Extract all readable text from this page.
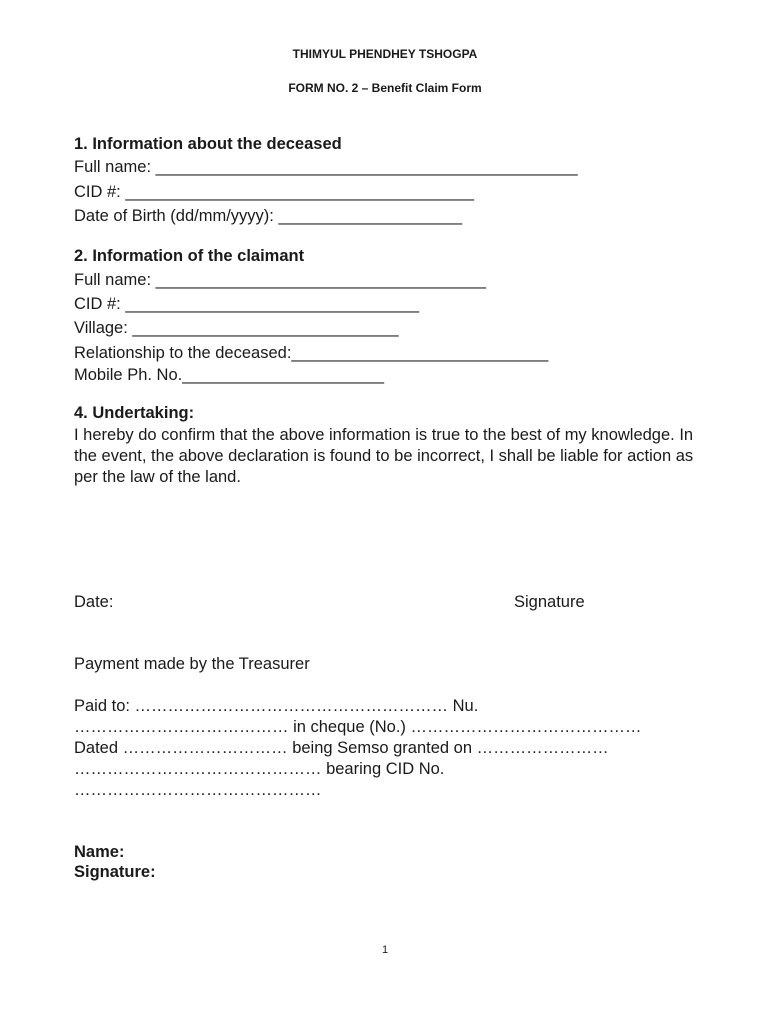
THIMYUL PHENDHEY TSHOGPA

FORM NO. 2 – Benefit Claim Form

1. Information about the deceased

Full name: ______________________________________________

CID #: ______________________________________

Date of Birth (dd/mm/yyyy): ____________________

2. Information of the claimant

Full name: ____________________________________

CID #: ________________________________

Village: _____________________________

Relationship to the deceased:____________________________

Mobile Ph. No.______________________

4. Undertaking:

I hereby do confirm that the above information is true to the best of my knowledge. In the event, the above declaration is found to be incorrect, I shall be liable for action as per the law of the land.

Date:	Signature

Payment made by the Treasurer

Paid to: ………………………………………………… Nu.

………………………………… in cheque (No.) ……………………………………

Dated ………………………… being Semso granted on ……………………

……………………………………… bearing CID No.

………………………………………

Name:

Signature:

1
